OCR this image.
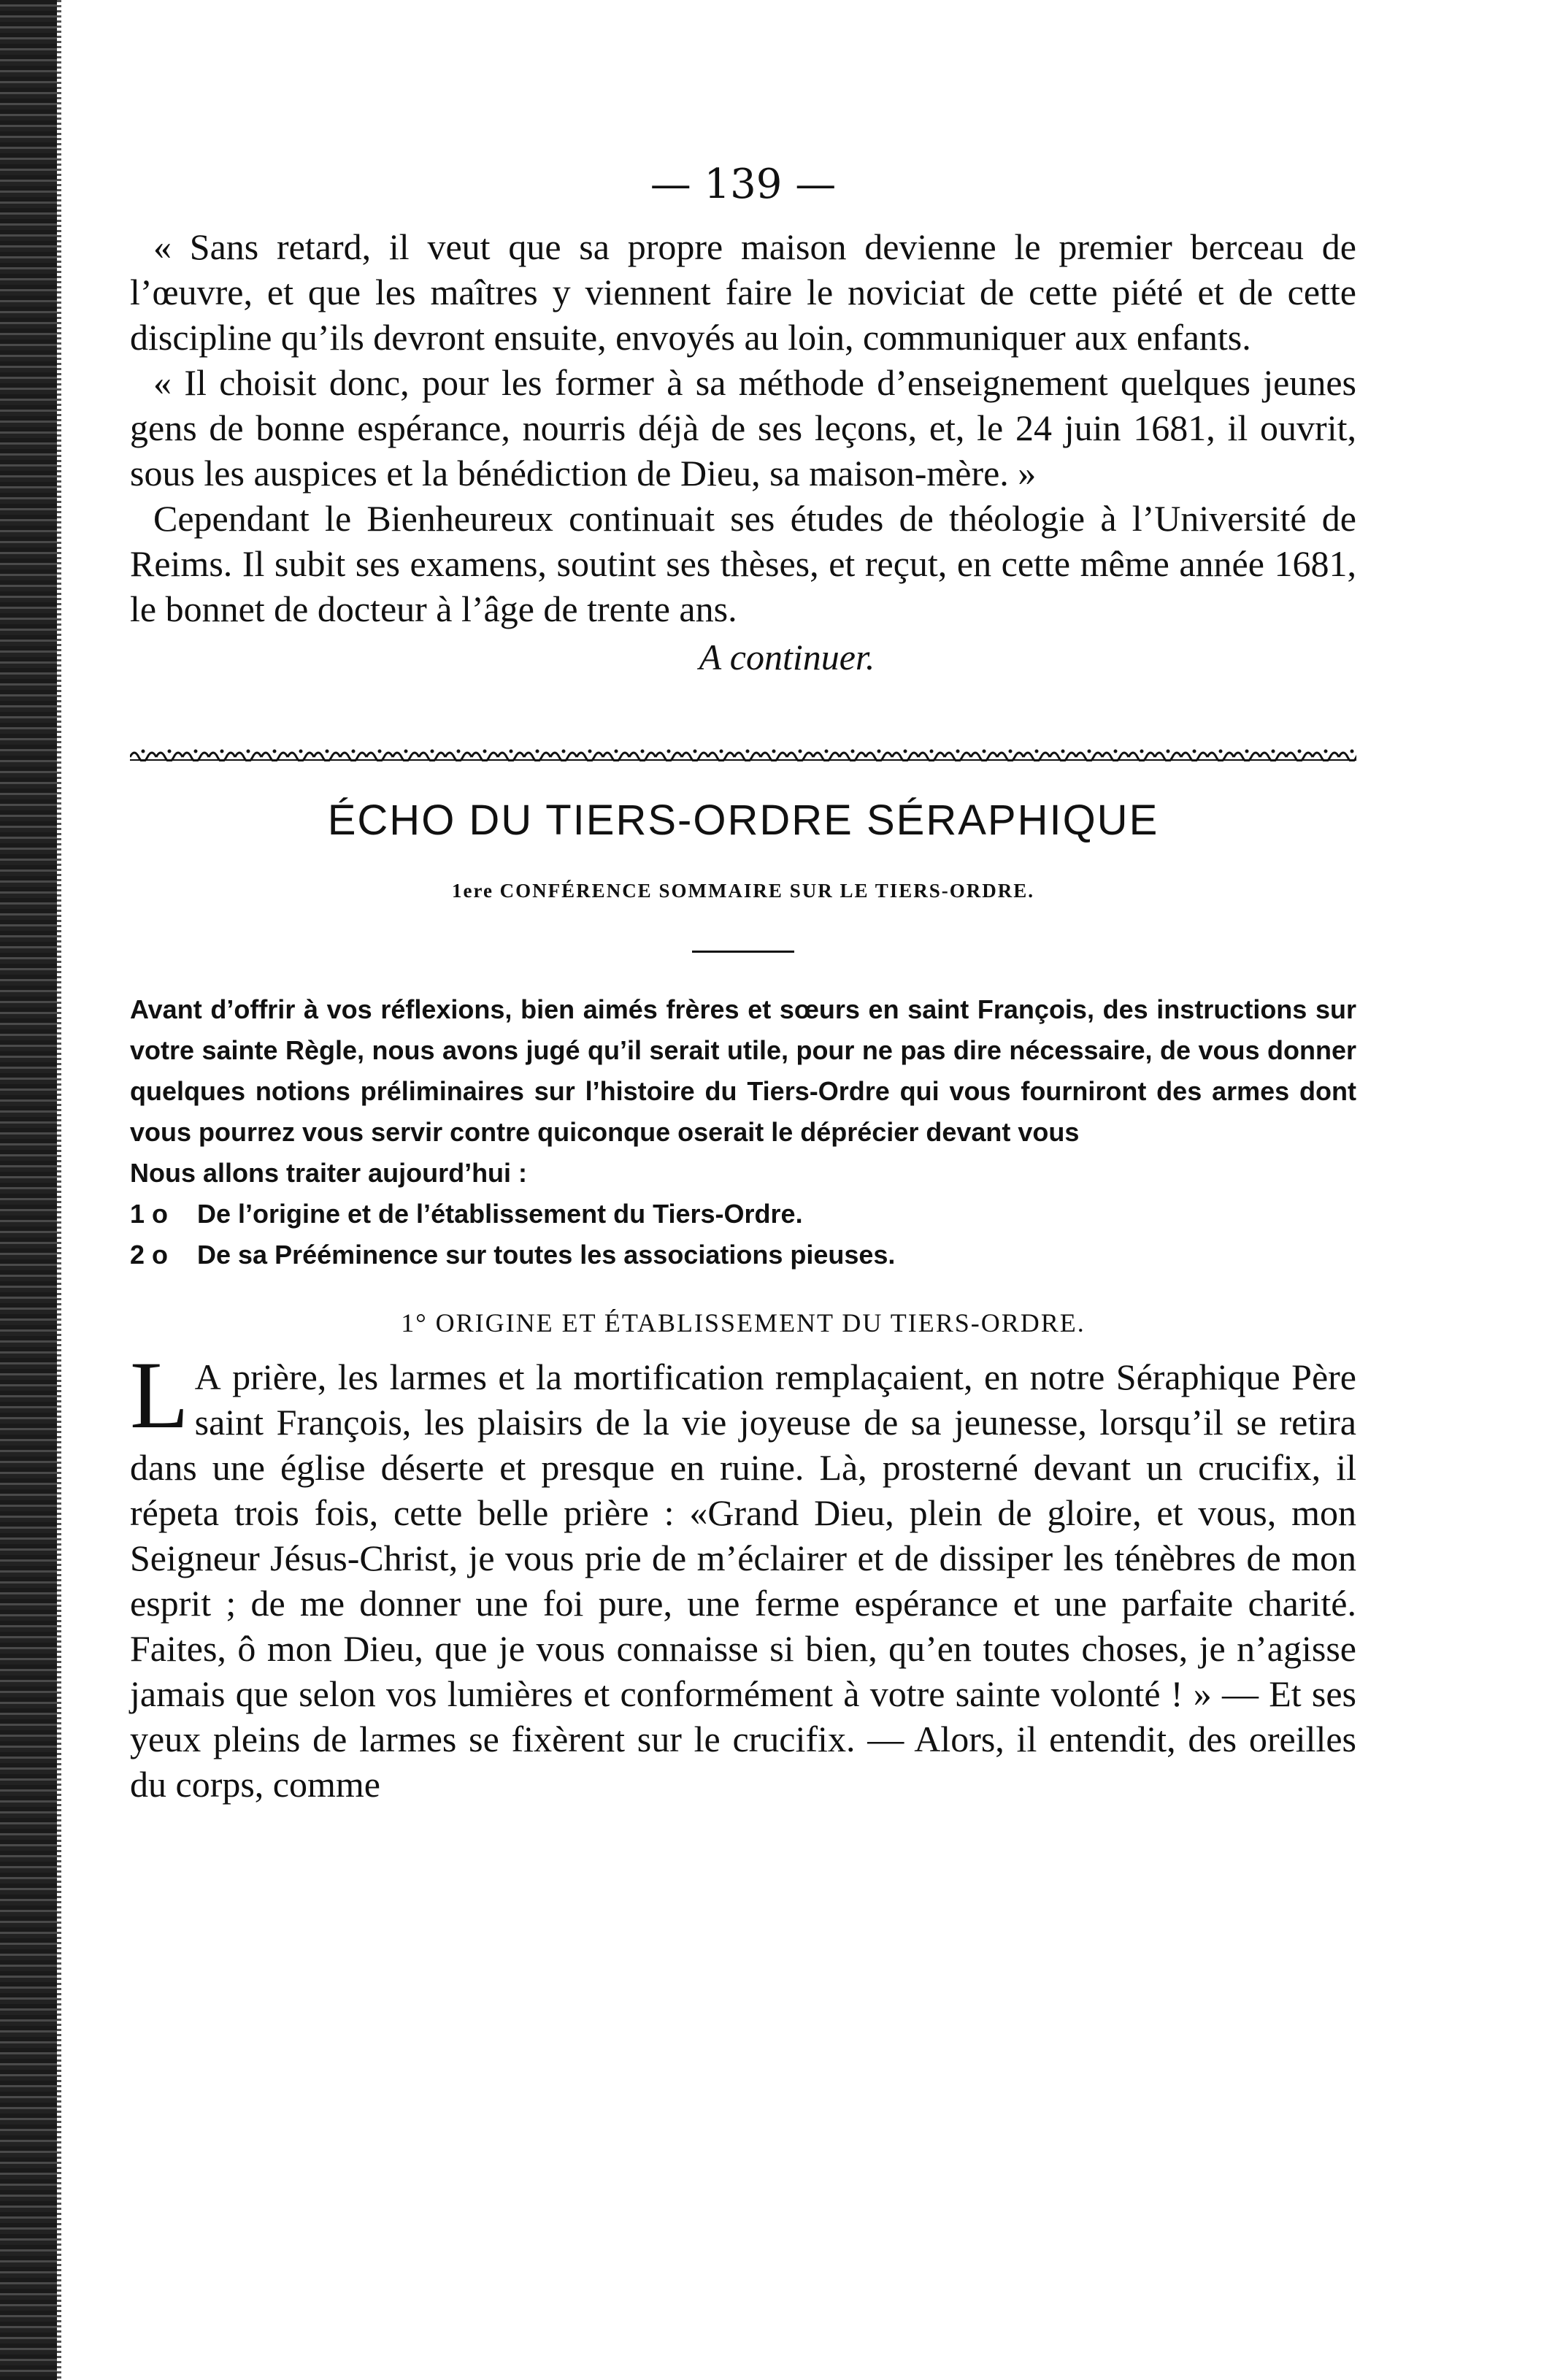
— 139 —

« Sans retard, il veut que sa propre maison devienne le premier berceau de l’œuvre, et que les maîtres y viennent faire le noviciat de cette piété et de cette discipline qu’ils devront ensuite, envoyés au loin, communiquer aux enfants.

« Il choisit donc, pour les former à sa méthode d’enseignement quelques jeunes gens de bonne espérance, nourris déjà de ses leçons, et, le 24 juin 1681, il ouvrit, sous les auspices et la bénédiction de Dieu, sa maison-mère. »

Cependant le Bienheureux continuait ses études de théologie à l’Université de Reims. Il subit ses examens, soutint ses thèses, et reçut, en cette même année 1681, le bonnet de docteur à l’âge de trente ans.

A continuer.
ÉCHO DU TIERS-ORDRE SÉRAPHIQUE
1ere CONFÉRENCE SOMMAIRE SUR LE TIERS-ORDRE.

Avant d’offrir à vos réflexions, bien aimés frères et sœurs en saint François, des instructions sur votre sainte Règle, nous avons jugé qu’il serait utile, pour ne pas dire nécessaire, de vous donner quelques notions préliminaires sur l’histoire du Tiers-Ordre qui vous fourniront des armes dont vous pourrez vous servir contre quiconque oserait le déprécier devant vous

Nous allons traiter aujourd’hui :

1 o De l’origine et de l’établissement du Tiers-Ordre.

2 o De sa Prééminence sur toutes les associations pieuses.

1° ORIGINE ET ÉTABLISSEMENT DU TIERS-ORDRE.

L A prière, les larmes et la mortification remplaçaient, en notre Séraphique Père saint François, les plaisirs de la vie joyeuse de sa jeunesse, lorsqu’il se retira dans une église déserte et presque en ruine. Là, prosterné devant un crucifix, il répeta trois fois, cette belle prière : «Grand Dieu, plein de gloire, et vous, mon Seigneur Jésus-Christ, je vous prie de m’éclairer et de dissiper les ténèbres de mon esprit ; de me donner une foi pure, une ferme espérance et une parfaite charité. Faites, ô mon Dieu, que je vous connaisse si bien, qu’en toutes choses, je n’agisse jamais que selon vos lumières et conformément à votre sainte volonté ! » — Et ses yeux pleins de larmes se fixèrent sur le crucifix. — Alors, il entendit, des oreilles du corps, comme
